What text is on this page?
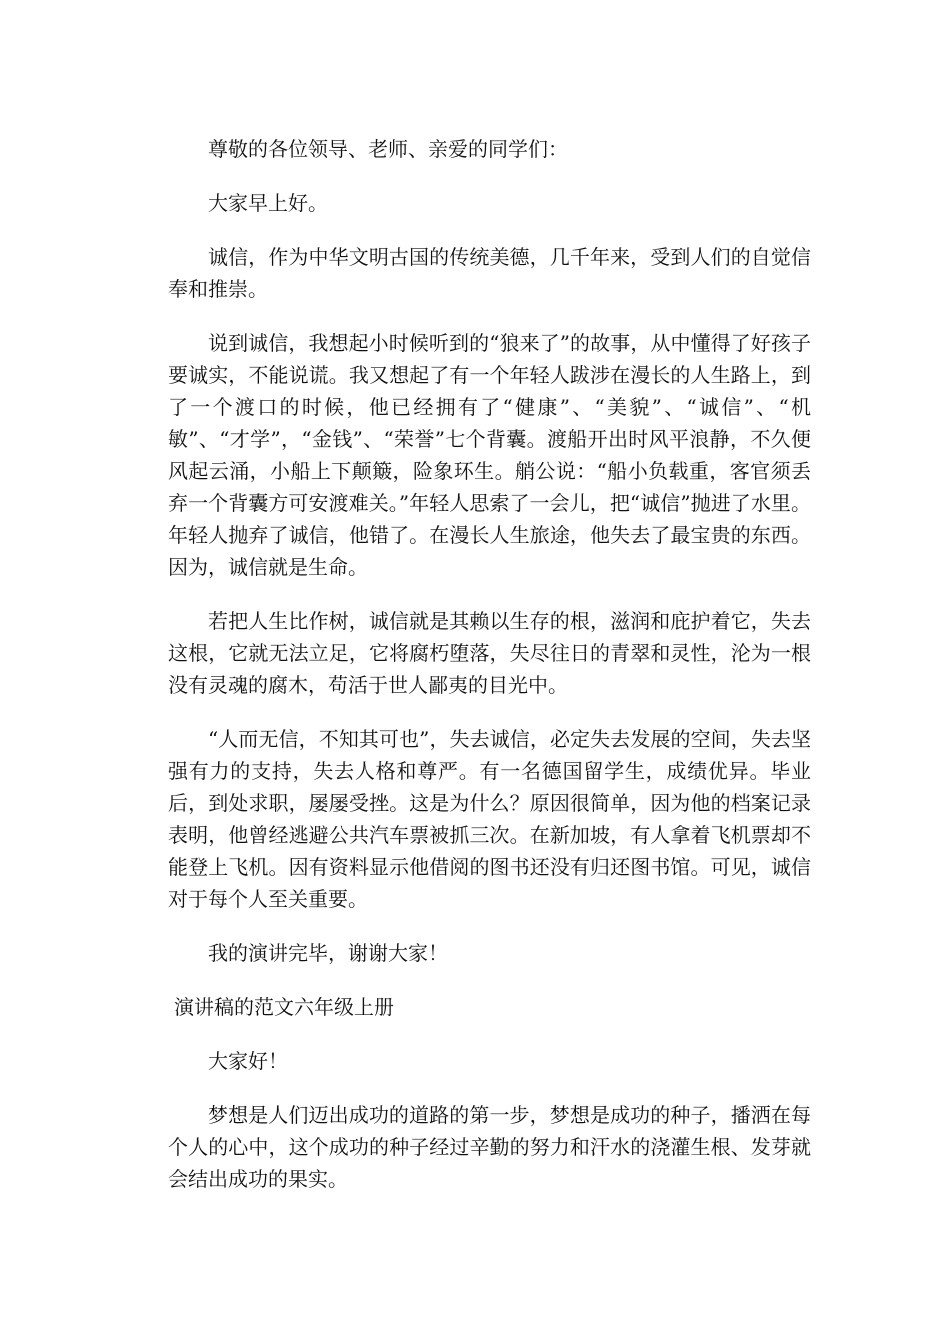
尊敬的各位领导、老师、亲爱的同学们：

大家早上好。

诚信，作为中华文明古国的传统美德，几千年来，受到人们的自觉信奉和推崇。

说到诚信，我想起小时候听到的“狼来了”的故事，从中懂得了好孩子要诚实，不能说谎。我又想起了有一个年轻人跋涉在漫长的人生路上，到了一个渡口的时候，他已经拥有了“健康”、“美貌”、“诚信”、“机敏”、“才学”，“金钱”、“荣誉”七个背囊。渡船开出时风平浪静，不久便风起云涌，小船上下颠簸，险象环生。艄公说：“船小负载重，客官须丢弃一个背囊方可安渡难关。”年轻人思索了一会儿，把“诚信”抛进了水里。年轻人抛弃了诚信，他错了。在漫长人生旅途，他失去了最宝贵的东西。因为，诚信就是生命。

若把人生比作树，诚信就是其赖以生存的根，滋润和庇护着它，失去这根，它就无法立足，它将腐朽堕落，失尽往日的青翠和灵性，沦为一根没有灵魂的腐木，苟活于世人鄙夷的目光中。

“人而无信，不知其可也”，失去诚信，必定失去发展的空间，失去坚强有力的支持，失去人格和尊严。有一名德国留学生，成绩优异。毕业后，到处求职，屡屡受挫。这是为什么？原因很简单，因为他的档案记录表明，他曾经逃避公共汽车票被抓三次。在新加坡，有人拿着飞机票却不能登上飞机。因有资料显示他借阅的图书还没有归还图书馆。可见，诚信对于每个人至关重要。

我的演讲完毕，谢谢大家！

演讲稿的范文六年级上册

大家好！

梦想是人们迈出成功的道路的第一步，梦想是成功的种子，播洒在每个人的心中，这个成功的种子经过辛勤的努力和汗水的浇灌生根、发芽就会结出成功的果实。
